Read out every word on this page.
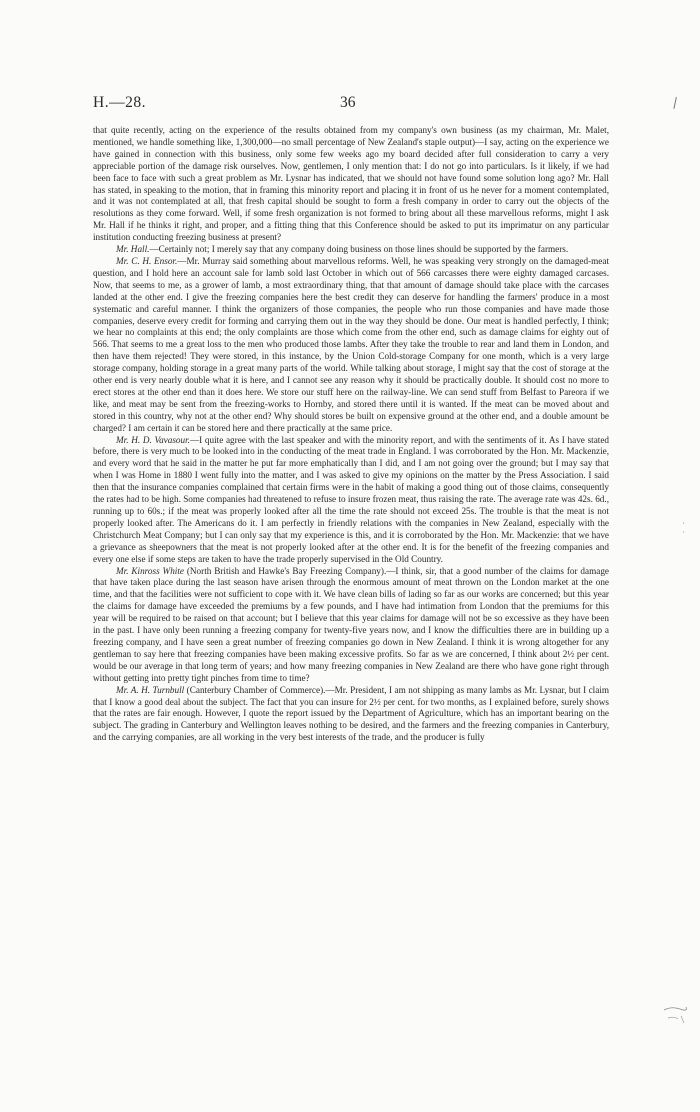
H.—28.	36	/
·
·

that quite recently, acting on the experience of the results obtained from my company's own business (as my chairman, Mr. Malet, mentioned, we handle something like, 1,300,000—no small percentage of New Zealand's staple output)—I say, acting on the experience we have gained in connection with this business, only some few weeks ago my board decided after full consideration to carry a very appreciable portion of the damage risk ourselves. Now, gentlemen, I only mention that: I do not go into particulars. Is it likely, if we had been face to face with such a great problem as Mr. Lysnar has indicated, that we should not have found some solution long ago? Mr. Hall has stated, in speaking to the motion, that in framing this minority report and placing it in front of us he never for a moment contemplated, and it was not contemplated at all, that fresh capital should be sought to form a fresh company in order to carry out the objects of the resolutions as they come forward. Well, if some fresh organization is not formed to bring about all these marvellous reforms, might I ask Mr. Hall if he thinks it right, and proper, and a fitting thing that this Conference should be asked to put its imprimatur on any particular institution conducting freezing business at present?

Mr. Hall.—Certainly not; I merely say that any company doing business on those lines should be supported by the farmers.

Mr. C. H. Ensor.—Mr. Murray said something about marvellous reforms. Well, he was speaking very strongly on the damaged-meat question, and I hold here an account sale for lamb sold last October in which out of 566 carcasses there were eighty damaged carcases. Now, that seems to me, as a grower of lamb, a most extraordinary thing, that that amount of damage should take place with the carcases landed at the other end. I give the freezing companies here the best credit they can deserve for handling the farmers' produce in a most systematic and careful manner. I think the organizers of those companies, the people who run those companies and have made those companies, deserve every credit for forming and carrying them out in the way they should be done. Our meat is handled perfectly, I think; we hear no complaints at this end; the only complaints are those which come from the other end, such as damage claims for eighty out of 566. That seems to me a great loss to the men who produced those lambs. After they take the trouble to rear and land them in London, and then have them rejected! They were stored, in this instance, by the Union Cold-storage Company for one month, which is a very large storage company, holding storage in a great many parts of the world. While talking about storage, I might say that the cost of storage at the other end is very nearly double what it is here, and I cannot see any reason why it should be practically double. It should cost no more to erect stores at the other end than it does here. We store our stuff here on the railway-line. We can send stuff from Belfast to Pareora if we like, and meat may be sent from the freezing-works to Hornby, and stored there until it is wanted. If the meat can be moved about and stored in this country, why not at the other end? Why should stores be built on expensive ground at the other end, and a double amount be charged? I am certain it can be stored here and there practically at the same price.

Mr. H. D. Vavasour.—I quite agree with the last speaker and with the minority report, and with the sentiments of it. As I have stated before, there is very much to be looked into in the conducting of the meat trade in England. I was corroborated by the Hon. Mr. Mackenzie, and every word that he said in the matter he put far more emphatically than I did, and I am not going over the ground; but I may say that when I was Home in 1880 I went fully into the matter, and I was asked to give my opinions on the matter by the Press Association. I said then that the insurance companies complained that certain firms were in the habit of making a good thing out of those claims, consequently the rates had to be high. Some companies had threatened to refuse to insure frozen meat, thus raising the rate. The average rate was 42s. 6d., running up to 60s.; if the meat was properly looked after all the time the rate should not exceed 25s. The trouble is that the meat is not properly looked after. The Americans do it. I am perfectly in friendly relations with the companies in New Zealand, especially with the Christchurch Meat Company; but I can only say that my experience is this, and it is corroborated by the Hon. Mr. Mackenzie: that we have a grievance as sheepowners that the meat is not properly looked after at the other end. It is for the benefit of the freezing companies and every one else if some steps are taken to have the trade properly supervised in the Old Country.

Mr. Kinross White (North British and Hawke's Bay Freezing Company).—I think, sir, that a good number of the claims for damage that have taken place during the last season have arisen through the enormous amount of meat thrown on the London market at the one time, and that the facilities were not sufficient to cope with it. We have clean bills of lading so far as our works are concerned; but this year the claims for damage have exceeded the premiums by a few pounds, and I have had intimation from London that the premiums for this year will be required to be raised on that account; but I believe that this year claims for damage will not be so excessive as they have been in the past. I have only been running a freezing company for twenty-five years now, and I know the difficulties there are in building up a freezing company, and I have seen a great number of freezing companies go down in New Zealand. I think it is wrong altogether for any gentleman to say here that freezing companies have been making excessive profits. So far as we are concerned, I think about 2½ per cent. would be our average in that long term of years; and how many freezing companies in New Zealand are there who have gone right through without getting into pretty tight pinches from time to time?

Mr. A. H. Turnbull (Canterbury Chamber of Commerce).—Mr. President, I am not shipping as many lambs as Mr. Lysnar, but I claim that I know a good deal about the subject. The fact that you can insure for 2½ per cent. for two months, as I explained before, surely shows that the rates are fair enough. However, I quote the report issued by the Department of Agriculture, which has an important bearing on the subject. The grading in Canterbury and Wellington leaves nothing to be desired, and the farmers and the freezing companies in Canterbury, and the carrying companies, are all working in the very best interests of the trade, and the producer is fully
